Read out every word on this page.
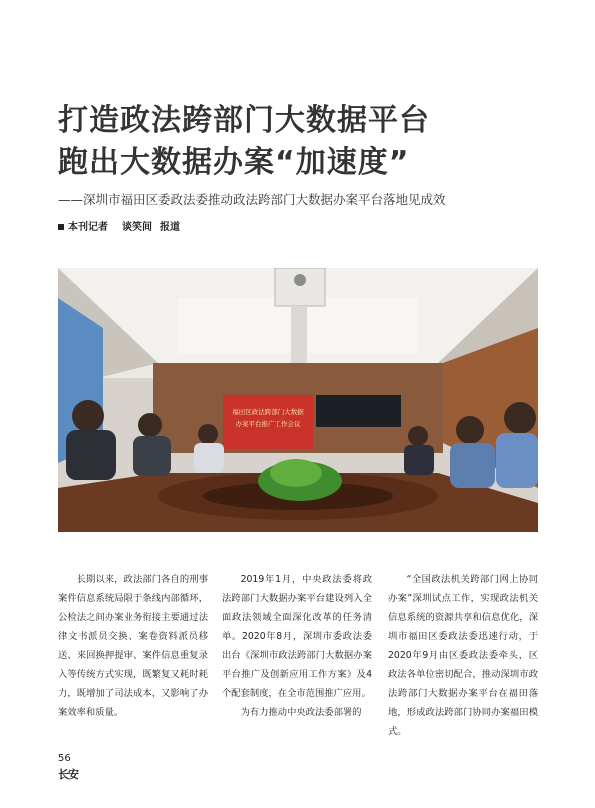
打造政法跨部门大数据平台
跑出大数据办案“加速度”
——深圳市福田区委政法委推动政法跨部门大数据办案平台落地见成效
本刊记者 谈笑间 报道
福田区政法跨部门大数据
办案平台推广工作会议

长期以来，政法部门各自的刑事案件信息系统局限于条线内部循环，公检法之间办案业务衔接主要通过法律文书派员交换、案卷资料派员移送、来回换押提审、案件信息重复录入等传统方式实现，既繁复又耗时耗力，既增加了司法成本，又影响了办案效率和质量。

2019年1月，中央政法委将政法跨部门大数据办案平台建设列入全面政法领域全面深化改革的任务清单。2020年8月，深圳市委政法委出台《深圳市政法跨部门大数据办案平台推广及创新应用工作方案》及4个配套制度，在全市范围推广应用。

为有力推动中央政法委部署的

“全国政法机关跨部门网上协同办案”深圳试点工作，实现政法机关信息系统的资源共享和信息优化，深圳市福田区委政法委迅速行动，于2020年9月由区委政法委牵头，区政法各单位密切配合，推动深圳市政法跨部门大数据办案平台在福田落地，形成政法跨部门协同办案福田模式。

56
长安
